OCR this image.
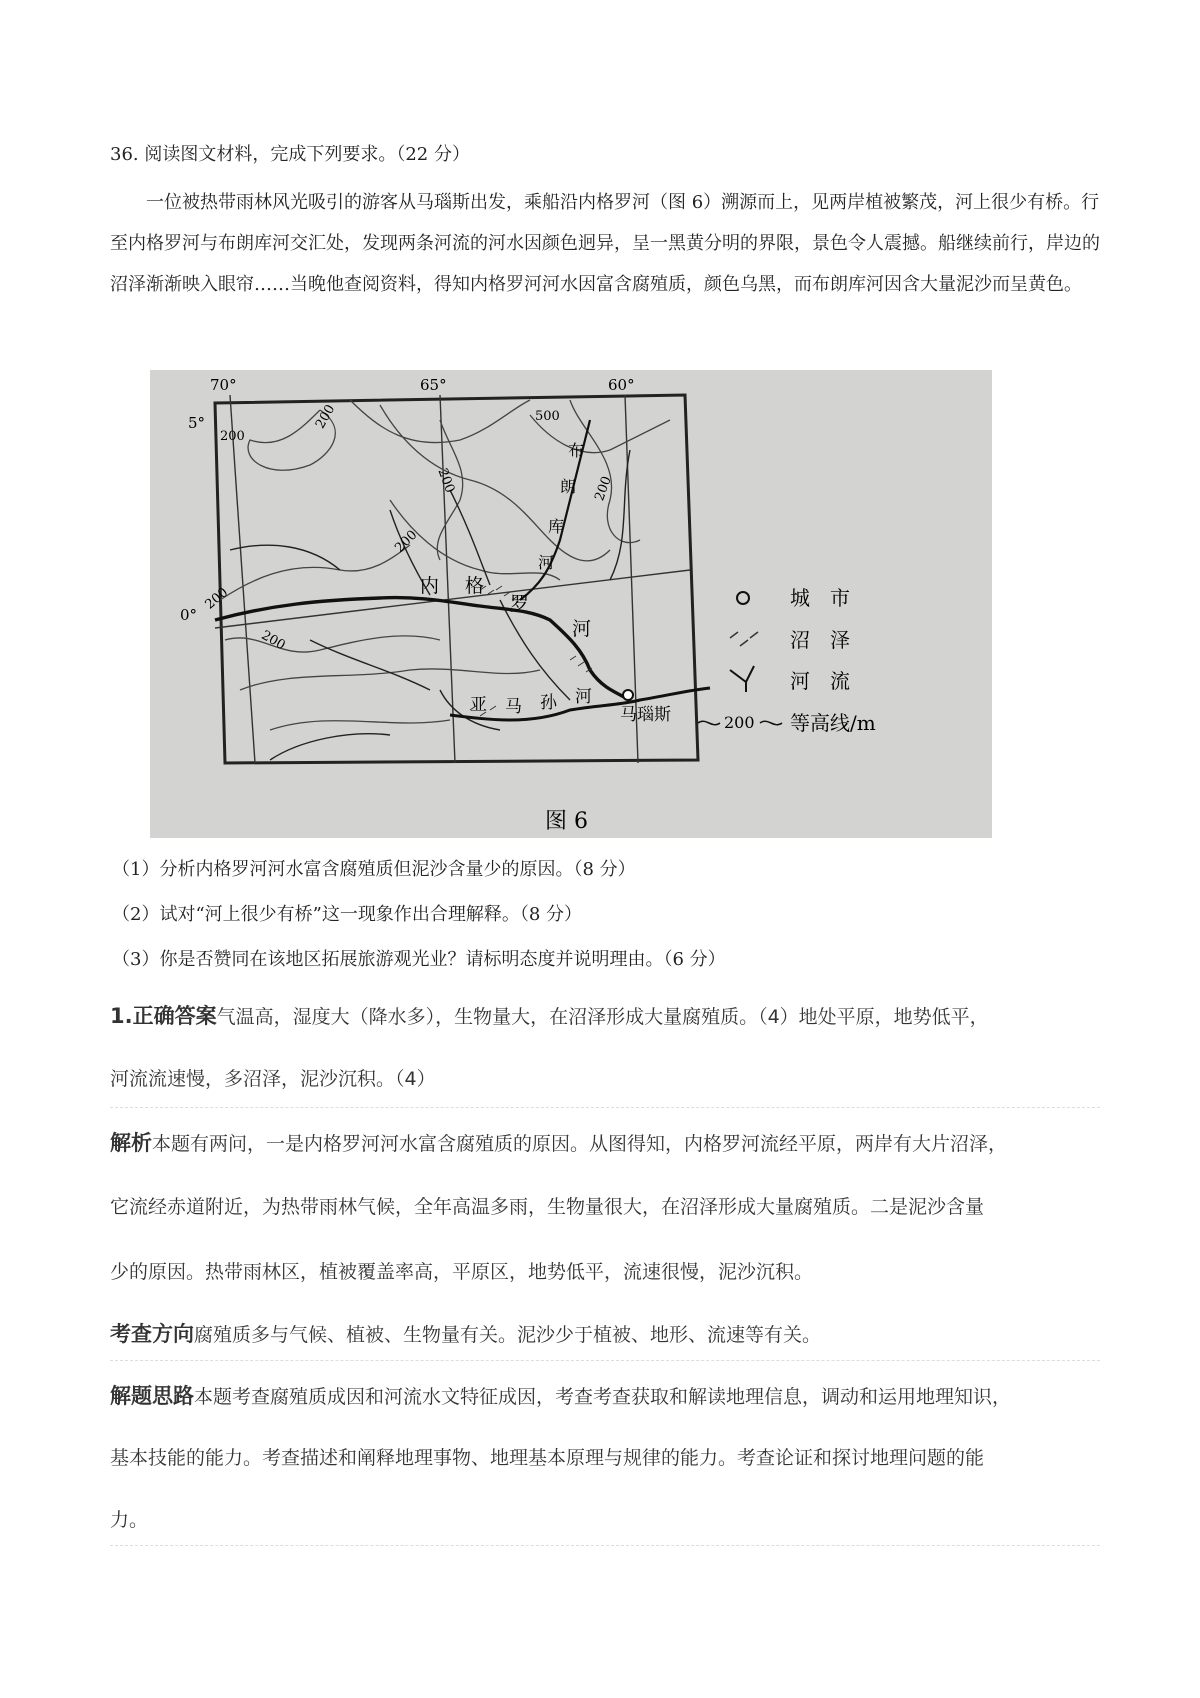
36. 阅读图文材料，完成下列要求。（22 分）

一位被热带雨林风光吸引的游客从马瑙斯出发，乘船沿内格罗河（图 6）溯源而上，见两岸植被繁茂，河上很少有桥。行至内格罗河与布朗库河交汇处，发现两条河流的河水因颜色迥异，呈一黑黄分明的界限，景色令人震撼。船继续前行，岸边的沼泽渐渐映入眼帘……当晚他查阅资料，得知内格罗河河水因富含腐殖质，颜色乌黑，而布朗库河因含大量泥沙而呈黄色。

70°	65°	60°
5°
0°
200
200	500
200	200
200
200
200
内 格
罗
河
布
朗
库
河
亚 马 孙 河
马瑙斯
城　市
沼　泽
河　流
200 等高线/m
图 6
（1）分析内格罗河河水富含腐殖质但泥沙含量少的原因。（8 分）
（2）试对“河上很少有桥”这一现象作出合理解释。（8 分）
（3）你是否赞同在该地区拓展旅游观光业？请标明态度并说明理由。（6 分）

1.正确答案气温高，湿度大（降水多），生物量大，在沼泽形成大量腐殖质。（4）地处平原，地势低平，

河流流速慢，多沼泽，泥沙沉积。（4）

解析本题有两问，一是内格罗河河水富含腐殖质的原因。从图得知，内格罗河流经平原，两岸有大片沼泽，

它流经赤道附近，为热带雨林气候，全年高温多雨，生物量很大，在沼泽形成大量腐殖质。二是泥沙含量

少的原因。热带雨林区，植被覆盖率高，平原区，地势低平，流速很慢，泥沙沉积。

考查方向腐殖质多与气候、植被、生物量有关。泥沙少于植被、地形、流速等有关。

解题思路本题考查腐殖质成因和河流水文特征成因，考查考查获取和解读地理信息，调动和运用地理知识，

基本技能的能力。考查描述和阐释地理事物、地理基本原理与规律的能力。考查论证和探讨地理问题的能

力。
